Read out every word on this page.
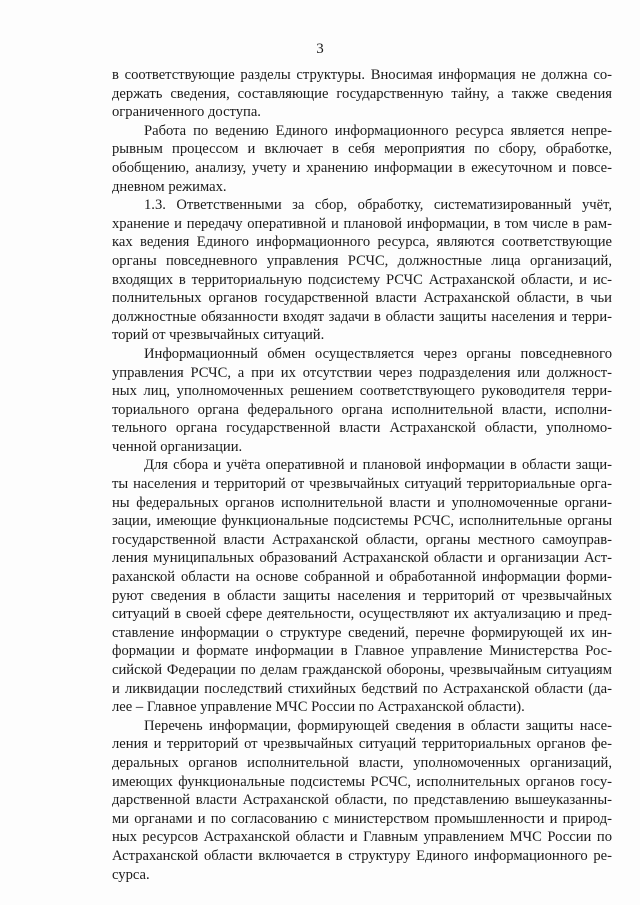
3
в соответствующие разделы структуры. Вносимая информация не должна со-
держать сведения, составляющие государственную тайну, а также сведения
ограниченного доступа.
Работа по ведению Единого информационного ресурса является непре-
рывным процессом и включает в себя мероприятия по сбору, обработке,
обобщению, анализу, учету и хранению информации в ежесуточном и повсе-
дневном режимах.
1.3. Ответственными за сбор, обработку, систематизированный учёт,
хранение и передачу оперативной и плановой информации, в том числе в рам-
ках ведения Единого информационного ресурса, являются соответствующие
органы повседневного управления РСЧС, должностные лица организаций,
входящих в территориальную подсистему РСЧС Астраханской области, и ис-
полнительных органов государственной власти Астраханской области, в чьи
должностные обязанности входят задачи в области защиты населения и терри-
торий от чрезвычайных ситуаций.
Информационный обмен осуществляется через органы повседневного
управления РСЧС, а при их отсутствии через подразделения или должност-
ных лиц, уполномоченных решением соответствующего руководителя терри-
ториального органа федерального органа исполнительной власти, исполни-
тельного органа государственной власти Астраханской области, уполномо-
ченной организации.
Для сбора и учёта оперативной и плановой информации в области защи-
ты населения и территорий от чрезвычайных ситуаций территориальные орга-
ны федеральных органов исполнительной власти и уполномоченные органи-
зации, имеющие функциональные подсистемы РСЧС, исполнительные органы
государственной власти Астраханской области, органы местного самоуправ-
ления муниципальных образований Астраханской области и организации Аст-
раханской области на основе собранной и обработанной информации форми-
руют сведения в области защиты населения и территорий от чрезвычайных
ситуаций в своей сфере деятельности, осуществляют их актуализацию и пред-
ставление информации о структуре сведений, перечне формирующей их ин-
формации и формате информации в Главное управление Министерства Рос-
сийской Федерации по делам гражданской обороны, чрезвычайным ситуациям
и ликвидации последствий стихийных бедствий по Астраханской области (да-
лее – Главное управление МЧС России по Астраханской области).
Перечень информации, формирующей сведения в области защиты насе-
ления и территорий от чрезвычайных ситуаций территориальных органов фе-
деральных органов исполнительной власти, уполномоченных организаций,
имеющих функциональные подсистемы РСЧС, исполнительных органов госу-
дарственной власти Астраханской области, по представлению вышеуказанны-
ми органами и по согласованию с министерством промышленности и природ-
ных ресурсов Астраханской области и Главным управлением МЧС России по
Астраханской области включается в структуру Единого информационного ре-
сурса.
